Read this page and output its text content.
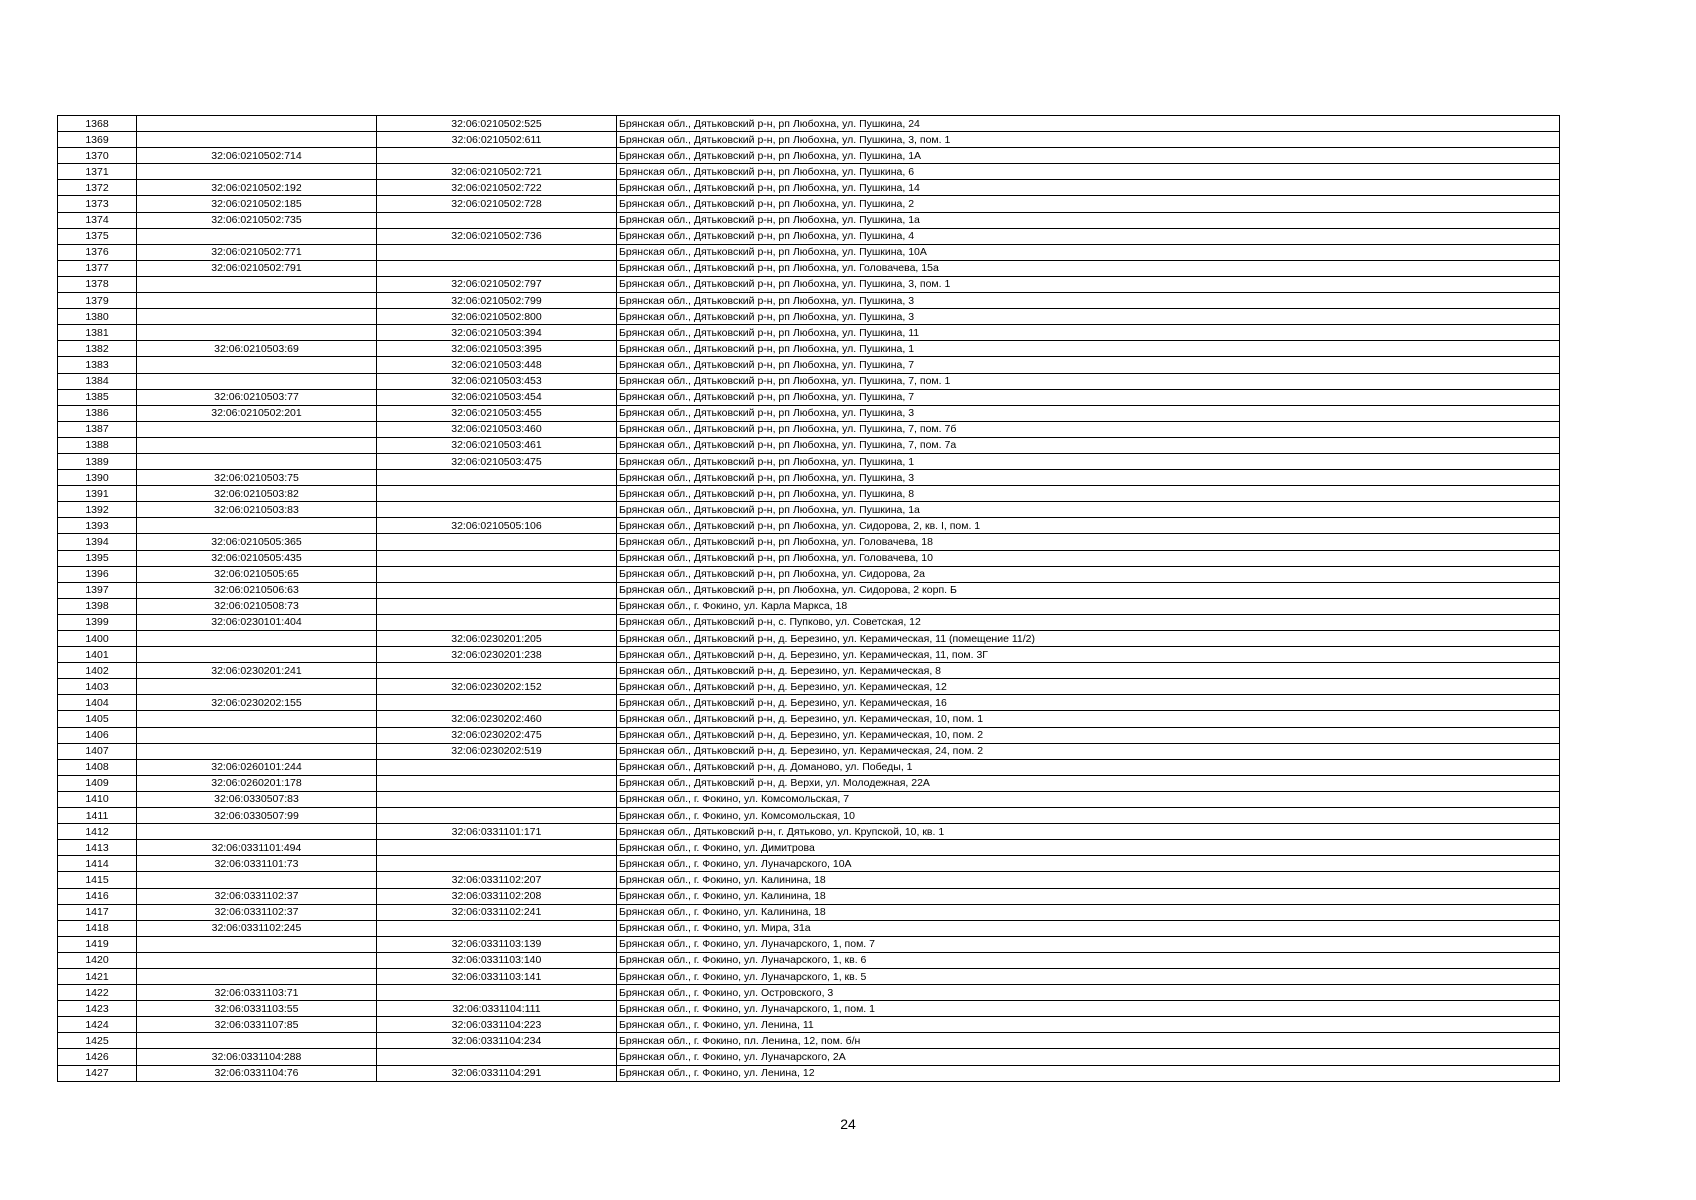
1368		32:06:0210502:525	Брянская обл., Дятьковский р-н, рп Любохна, ул. Пушкина, 24
1369		32:06:0210502:611	Брянская обл., Дятьковский р-н, рп Любохна, ул. Пушкина, 3, пом. 1
1370	32:06:0210502:714		Брянская обл., Дятьковский р-н, рп Любохна, ул. Пушкина, 1А
1371		32:06:0210502:721	Брянская обл., Дятьковский р-н, рп Любохна, ул. Пушкина, 6
1372	32:06:0210502:192	32:06:0210502:722	Брянская обл., Дятьковский р-н, рп Любохна, ул. Пушкина, 14
1373	32:06:0210502:185	32:06:0210502:728	Брянская обл., Дятьковский р-н, рп Любохна, ул. Пушкина, 2
1374	32:06:0210502:735		Брянская обл., Дятьковский р-н, рп Любохна, ул. Пушкина, 1а
1375		32:06:0210502:736	Брянская обл., Дятьковский р-н, рп Любохна, ул. Пушкина, 4
1376	32:06:0210502:771		Брянская обл., Дятьковский р-н, рп Любохна, ул. Пушкина, 10А
1377	32:06:0210502:791		Брянская обл., Дятьковский р-н, рп Любохна, ул. Головачева, 15а
1378		32:06:0210502:797	Брянская обл., Дятьковский р-н, рп Любохна, ул. Пушкина, 3, пом. 1
1379		32:06:0210502:799	Брянская обл., Дятьковский р-н, рп Любохна, ул. Пушкина, 3
1380		32:06:0210502:800	Брянская обл., Дятьковский р-н, рп Любохна, ул. Пушкина, 3
1381		32:06:0210503:394	Брянская обл., Дятьковский р-н, рп Любохна, ул. Пушкина, 11
1382	32:06:0210503:69	32:06:0210503:395	Брянская обл., Дятьковский р-н, рп Любохна, ул. Пушкина, 1
1383		32:06:0210503:448	Брянская обл., Дятьковский р-н, рп Любохна, ул. Пушкина, 7
1384		32:06:0210503:453	Брянская обл., Дятьковский р-н, рп Любохна, ул. Пушкина, 7, пом. 1
1385	32:06:0210503:77	32:06:0210503:454	Брянская обл., Дятьковский р-н, рп Любохна, ул. Пушкина, 7
1386	32:06:0210502:201	32:06:0210503:455	Брянская обл., Дятьковский р-н, рп Любохна, ул. Пушкина, 3
1387		32:06:0210503:460	Брянская обл., Дятьковский р-н, рп Любохна, ул. Пушкина, 7, пом. 7б
1388		32:06:0210503:461	Брянская обл., Дятьковский р-н, рп Любохна, ул. Пушкина, 7, пом. 7а
1389		32:06:0210503:475	Брянская обл., Дятьковский р-н, рп Любохна, ул. Пушкина, 1
1390	32:06:0210503:75		Брянская обл., Дятьковский р-н, рп Любохна, ул. Пушкина, 3
1391	32:06:0210503:82		Брянская обл., Дятьковский р-н, рп Любохна, ул. Пушкина, 8
1392	32:06:0210503:83		Брянская обл., Дятьковский р-н, рп Любохна, ул. Пушкина, 1а
1393		32:06:0210505:106	Брянская обл., Дятьковский р-н, рп Любохна, ул. Сидорова, 2, кв. I, пом. 1
1394	32:06:0210505:365		Брянская обл., Дятьковский р-н, рп Любохна, ул. Головачева, 18
1395	32:06:0210505:435		Брянская обл., Дятьковский р-н, рп Любохна, ул. Головачева, 10
1396	32:06:0210505:65		Брянская обл., Дятьковский р-н, рп Любохна, ул. Сидорова, 2а
1397	32:06:0210506:63		Брянская обл., Дятьковский р-н, рп Любохна, ул. Сидорова, 2 корп. Б
1398	32:06:0210508:73		Брянская обл., г. Фокино, ул. Карла Маркса, 18
1399	32:06:0230101:404		Брянская обл., Дятьковский р-н, с. Пупково, ул. Советская, 12
1400		32:06:0230201:205	Брянская обл., Дятьковский р-н, д. Березино, ул. Керамическая, 11 (помещение 11/2)
1401		32:06:0230201:238	Брянская обл., Дятьковский р-н, д. Березино, ул. Керамическая, 11, пом. 3Г
1402	32:06:0230201:241		Брянская обл., Дятьковский р-н, д. Березино, ул. Керамическая, 8
1403		32:06:0230202:152	Брянская обл., Дятьковский р-н, д. Березино, ул. Керамическая, 12
1404	32:06:0230202:155		Брянская обл., Дятьковский р-н, д. Березино, ул. Керамическая, 16
1405		32:06:0230202:460	Брянская обл., Дятьковский р-н, д. Березино, ул. Керамическая, 10, пом. 1
1406		32:06:0230202:475	Брянская обл., Дятьковский р-н, д. Березино, ул. Керамическая, 10, пом. 2
1407		32:06:0230202:519	Брянская обл., Дятьковский р-н, д. Березино, ул. Керамическая, 24, пом. 2
1408	32:06:0260101:244		Брянская обл., Дятьковский р-н, д. Доманово, ул. Победы, 1
1409	32:06:0260201:178		Брянская обл., Дятьковский р-н, д. Верхи, ул. Молодежная, 22А
1410	32:06:0330507:83		Брянская обл., г. Фокино, ул. Комсомольская, 7
1411	32:06:0330507:99		Брянская обл., г. Фокино, ул. Комсомольская, 10
1412		32:06:0331101:171	Брянская обл., Дятьковский р-н, г. Дятьково, ул. Крупской, 10, кв. 1
1413	32:06:0331101:494		Брянская обл., г. Фокино, ул. Димитрова
1414	32:06:0331101:73		Брянская обл., г. Фокино, ул. Луначарского, 10А
1415		32:06:0331102:207	Брянская обл., г. Фокино, ул. Калинина, 18
1416	32:06:0331102:37	32:06:0331102:208	Брянская обл., г. Фокино, ул. Калинина, 18
1417	32:06:0331102:37	32:06:0331102:241	Брянская обл., г. Фокино, ул. Калинина, 18
1418	32:06:0331102:245		Брянская обл., г. Фокино, ул. Мира, 31а
1419		32:06:0331103:139	Брянская обл., г. Фокино, ул. Луначарского, 1, пом. 7
1420		32:06:0331103:140	Брянская обл., г. Фокино, ул. Луначарского, 1, кв. 6
1421		32:06:0331103:141	Брянская обл., г. Фокино, ул. Луначарского, 1, кв. 5
1422	32:06:0331103:71		Брянская обл., г. Фокино, ул. Островского, 3
1423	32:06:0331103:55	32:06:0331104:111	Брянская обл., г. Фокино, ул. Луначарского, 1, пом. 1
1424	32:06:0331107:85	32:06:0331104:223	Брянская обл., г. Фокино, ул. Ленина, 11
1425		32:06:0331104:234	Брянская обл., г. Фокино, пл. Ленина, 12, пом. б/н
1426	32:06:0331104:288		Брянская обл., г. Фокино, ул. Луначарского, 2А
1427	32:06:0331104:76	32:06:0331104:291	Брянская обл., г. Фокино, ул. Ленина, 12
24
